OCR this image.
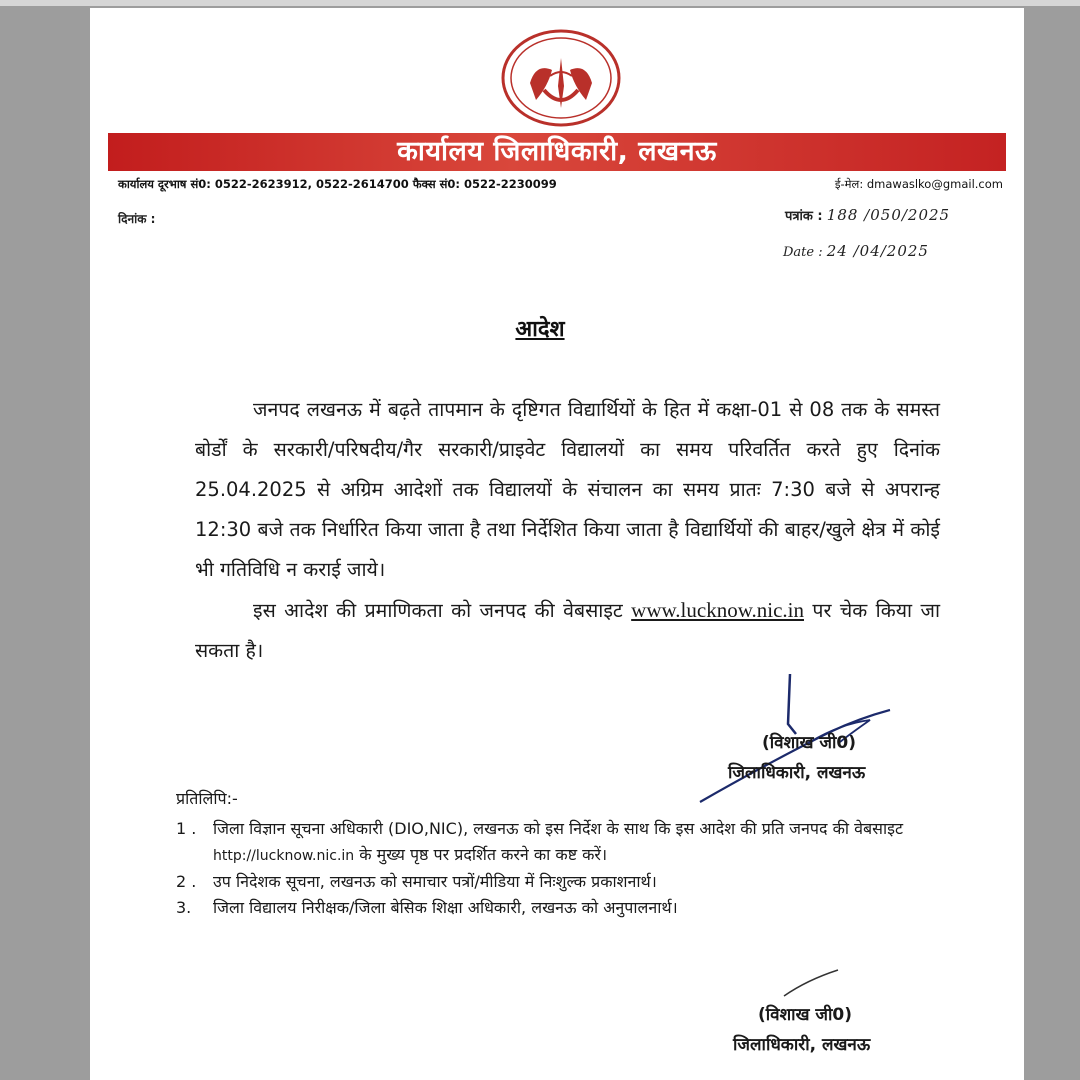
कार्यालय जिलाधिकारी, लखनऊ
कार्यालय दूरभाष सं0: 0522-2623912, 0522-2614700 फैक्स सं0: 0522-2230099	ई-मेल: dmawaslko@gmail.com
दिनांक :	पत्रांक : 188 /050/2025
Date : 24 /04/2025
आदेश

जनपद लखनऊ में बढ़ते तापमान के दृष्टिगत विद्यार्थियों के हित में कक्षा-01 से 08 तक के समस्त बोर्डों के सरकारी/परिषदीय/गैर सरकारी/प्राइवेट विद्यालयों का समय परिवर्तित करते हुए दिनांक 25.04.2025 से अग्रिम आदेशों तक विद्यालयों के संचालन का समय प्रातः 7:30 बजे से अपरान्ह 12:30 बजे तक निर्धारित किया जाता है तथा निर्देशित किया जाता है विद्यार्थियों की बाहर/खुले क्षेत्र में कोई भी गतिविधि न कराई जाये।

इस आदेश की प्रमाणिकता को जनपद की वेबसाइट www.lucknow.nic.in पर चेक किया जा सकता है।

(विशाख जी0)
जिलाधिकारी, लखनऊ
प्रतिलिपि:-
1 .	जिला विज्ञान सूचना अधिकारी (DIO,NIC), लखनऊ को इस निर्देश के साथ कि इस आदेश की प्रति जनपद की वेबसाइट http://lucknow.nic.in के मुख्य पृष्ठ पर प्रदर्शित करने का कष्ट करें।
2 .	उप निदेशक सूचना, लखनऊ को समाचार पत्रों/मीडिया में निःशुल्क प्रकाशनार्थ।
3.	जिला विद्यालय निरीक्षक/जिला बेसिक शिक्षा अधिकारी, लखनऊ को अनुपालनार्थ।
(विशाख जी0)
जिलाधिकारी, लखनऊ
